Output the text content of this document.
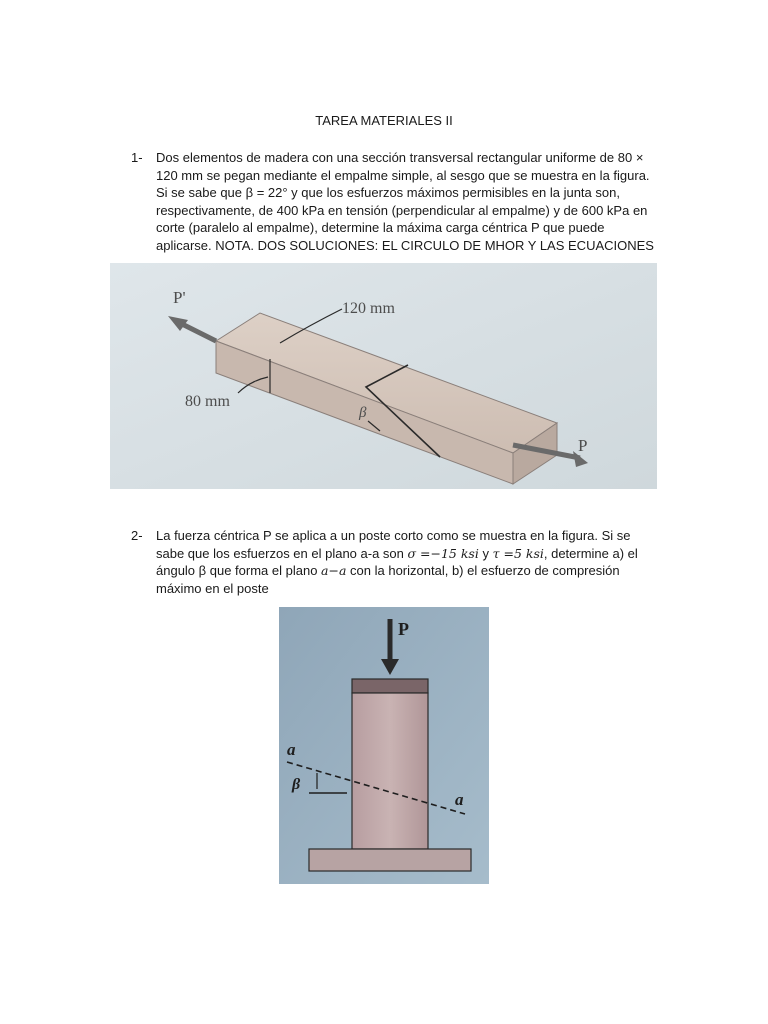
TAREA MATERIALES II
1-	Dos elementos de madera con una sección transversal rectangular uniforme de 80 × 120 mm se pegan mediante el empalme simple, al sesgo que se muestra en la figura. Si se sabe que β = 22° y que los esfuerzos máximos permisibles en la junta son, respectivamente, de 400 kPa en tensión (perpendicular al empalme) y de 600 kPa en corte (paralelo al empalme), determine la máxima carga céntrica P que puede aplicarse. NOTA. DOS SOLUCIONES: EL CIRCULO DE MHOR Y LAS ECUACIONES
P'
120 mm
80 mm
β
P
2-	La fuerza céntrica P se aplica a un poste corto como se muestra en la figura. Si se sabe que los esfuerzos en el plano a-a son σ =−15 ksi y τ =5 ksi, determine a) el ángulo β que forma el plano a−a con la horizontal, b) el esfuerzo de compresión máximo en el poste
P
a
a
β
